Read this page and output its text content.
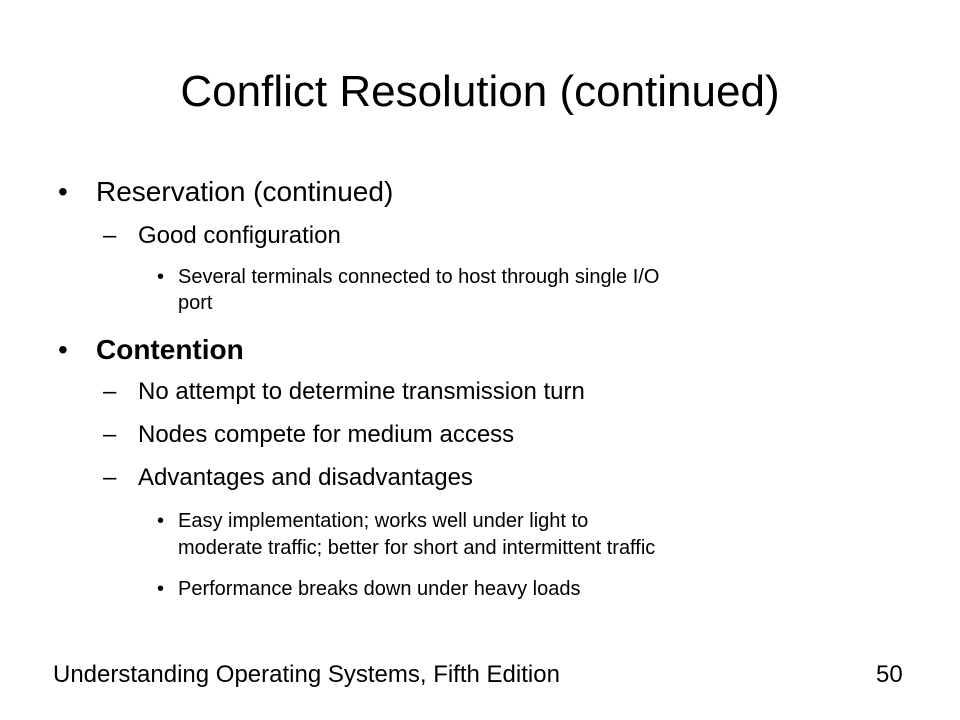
Conflict Resolution (continued)
• Reservation (continued)
– Good configuration
• Several terminals connected to host through single I/O
port
• Contention
– No attempt to determine transmission turn
– Nodes compete for medium access
– Advantages and disadvantages
• Easy implementation; works well under light to
moderate traffic; better for short and intermittent traffic
• Performance breaks down under heavy loads
Understanding Operating Systems, Fifth Edition	50
